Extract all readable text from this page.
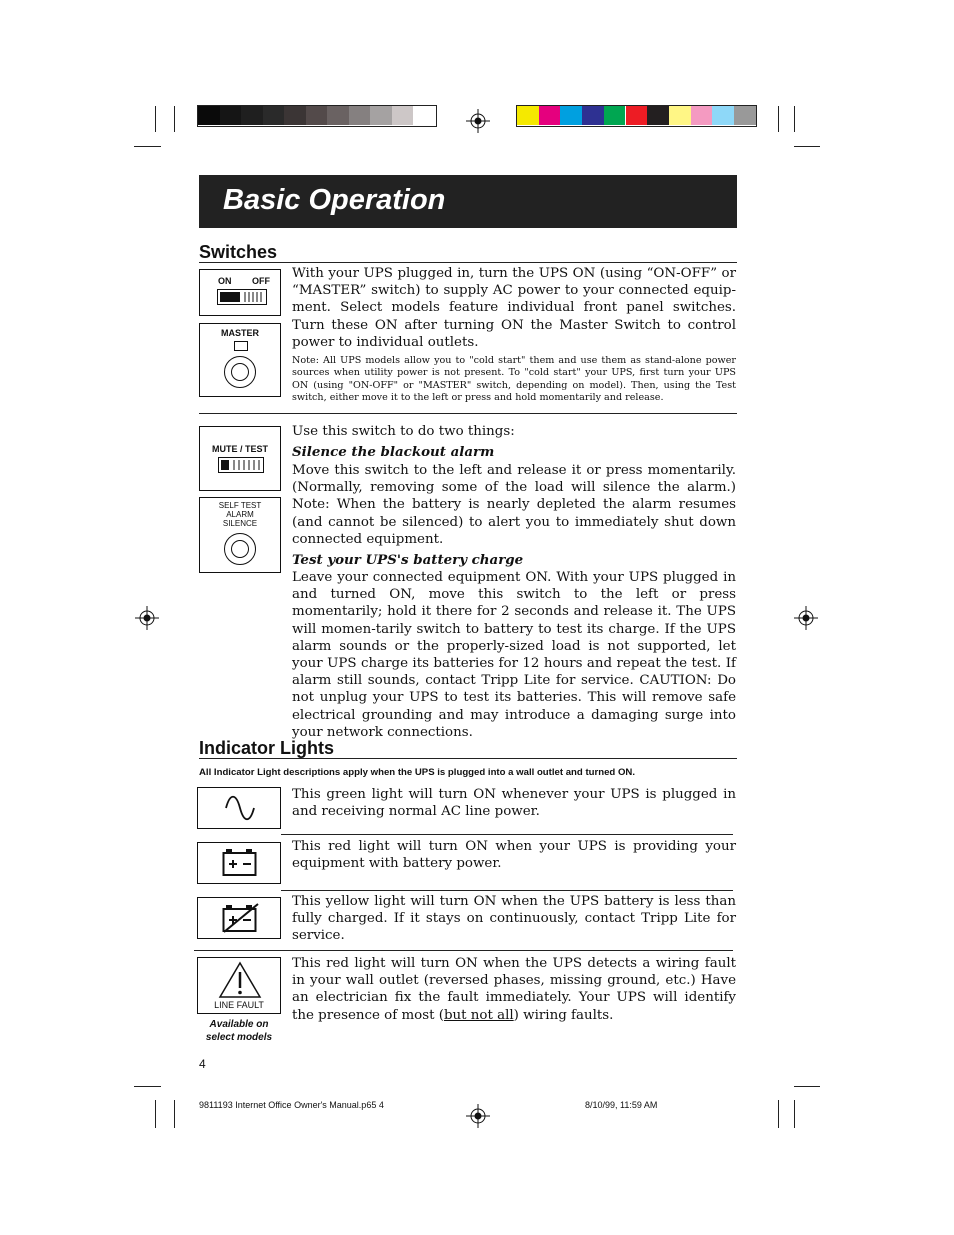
Basic Operation
Switches
ON OFF
MASTER
With your UPS plugged in, turn the UPS ON (using “ON-OFF” or “MASTER” switch) to supply AC power to your connected equip-ment. Select models feature individual front panel switches. Turn these ON after turning ON the Master Switch to control power to individual outlets.
Note: All UPS models allow you to "cold start" them and use them as stand-alone power sources when utility power is not present. To "cold start" your UPS, first turn your UPS ON (using "ON-OFF" or "MASTER" switch, depending on model). Then, using the Test switch, either move it to the left or press and hold momentarily and release.
MUTE / TEST
SELF TEST
ALARM
SILENCE
Use this switch to do two things:
Silence the blackout alarm
Move this switch to the left and release it or press momentarily. (Normally, removing some of the load will silence the alarm.) Note: When the battery is nearly depleted the alarm resumes (and cannot be silenced) to alert you to immediately shut down connected equipment.
Test your UPS's battery charge
Leave your connected equipment ON. With your UPS plugged in and turned ON, move this switch to the left or press momentarily; hold it there for 2 seconds and release it. The UPS will momen-tarily switch to battery to test its charge. If the UPS alarm sounds or the properly-sized load is not supported, let your UPS charge its batteries for 12 hours and repeat the test. If alarm still sounds, contact Tripp Lite for service. CAUTION: Do not unplug your UPS to test its batteries. This will remove safe electrical grounding and may introduce a damaging surge into your network connections.
Indicator Lights
All Indicator Light descriptions apply when the UPS is plugged into a wall outlet and turned ON.
This green light will turn ON whenever your UPS is plugged in and receiving normal AC line power.
This red light will turn ON when your UPS is providing your equipment with battery power.
This yellow light will turn ON when the UPS battery is less than fully charged. If it stays on continuously, contact Tripp Lite for service.
LINE FAULT
Available on
select models
This red light will turn ON when the UPS detects a wiring fault in your wall outlet (reversed phases, missing ground, etc.) Have an electrician fix the fault immediately. Your UPS will identify the presence of most (but not all) wiring faults.
4
9811193 Internet Office Owner's Manual.p65 4	8/10/99, 11:59 AM
